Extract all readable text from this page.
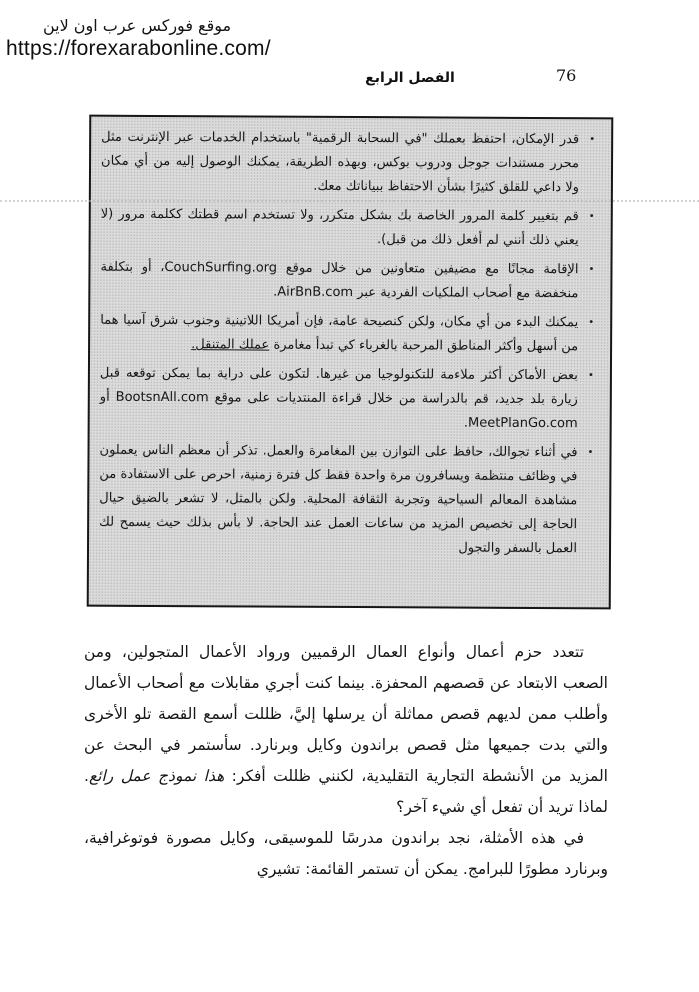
موقع فوركس عرب اون لاين
https://forexarabonline.com/
الفصل الرابع	76
•

قدر الإمكان، احتفظ بعملك "في السحابة الرقمية" باستخدام الخدمات عبر الإنترنت مثل محرر مستندات جوجل ودروب بوكس، وبهذه الطريقة، يمكنك الوصول إليه من أي مكان ولا داعي للقلق كثيرًا بشأن الاحتفاظ ببياناتك معك.

•

قم بتغيير كلمة المرور الخاصة بك بشكل متكرر، ولا تستخدم اسم قطتك ككلمة مرور (لا يعني ذلك أنني لم أفعل ذلك من قبل).

•

الإقامة مجانًا مع مضيفين متعاونين من خلال موقع CouchSurfing.org، أو بتكلفة منخفضة مع أصحاب الملكيات الفردية عبر AirBnB.com.

•

يمكنك البدء من أي مكان، ولكن كنصيحة عامة، فإن أمريكا اللاتينية وجنوب شرق آسيا هما من أسهل وأكثر المناطق المرحبة بالغرباء كي تبدأ مغامرة عملك المتنقل.

•

بعض الأماكن أكثر ملاءمة للتكنولوجيا من غيرها. لتكون على دراية بما يمكن توقعه قبل زيارة بلد جديد، قم بالدراسة من خلال قراءة المنتديات على موقع BootsnAll.com أو MeetPlanGo.com.

•

في أثناء تجوالك، حافظ على التوازن بين المغامرة والعمل. تذكر أن معظم الناس يعملون في وظائف منتظمة ويسافرون مرة واحدة فقط كل فترة زمنية، احرص على الاستفادة من مشاهدة المعالم السياحية وتجربة الثقافة المحلية. ولكن بالمثل، لا تشعر بالضيق حيال الحاجة إلى تخصيص المزيد من ساعات العمل عند الحاجة. لا بأس بذلك حيث يسمح لك العمل بالسفر والتجول

تتعدد حزم أعمال وأنواع العمال الرقميين ورواد الأعمال المتجولين، ومن الصعب الابتعاد عن قصصهم المحفزة. بينما كنت أجري مقابلات مع أصحاب الأعمال وأطلب ممن لديهم قصص مماثلة أن يرسلها إليَّ، ظللت أسمع القصة تلو الأخرى والتي بدت جميعها مثل قصص براندون وكايل وبرنارد. سأستمر في البحث عن المزيد من الأنشطة التجارية التقليدية، لكنني ظللت أفكر: هذا نموذج عمل رائع. لماذا تريد أن تفعل أي شيء آخر؟

في هذه الأمثلة، نجد براندون مدرسًا للموسيقى، وكايل مصورة فوتوغرافية، وبرنارد مطورًا للبرامج. يمكن أن تستمر القائمة: تشيري
